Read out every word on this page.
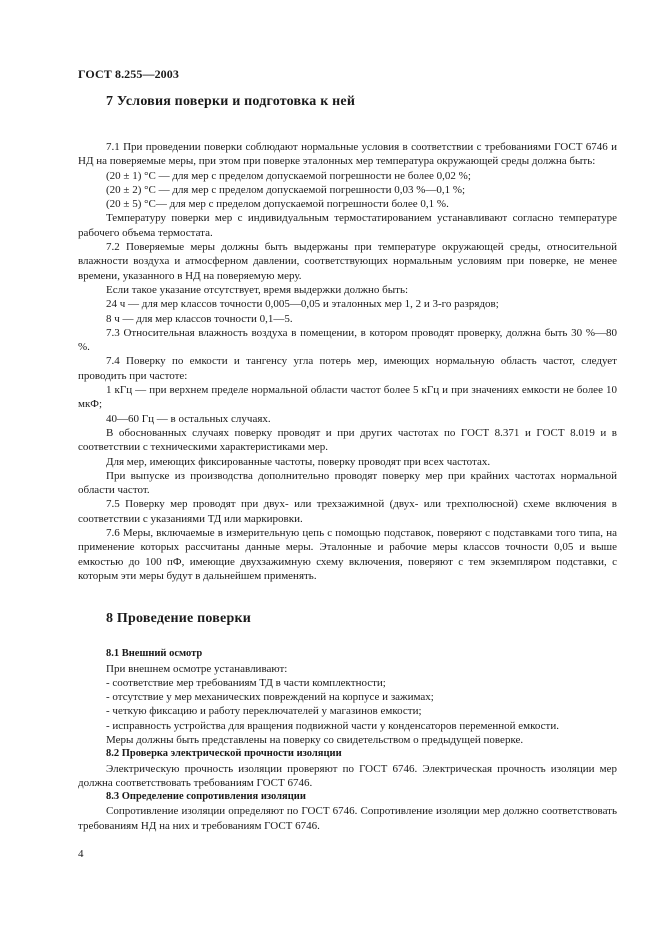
ГОСТ 8.255—2003
7 Условия поверки и подготовка к ней

7.1 При проведении поверки соблюдают нормальные условия в соответствии с требованиями ГОСТ 6746 и НД на поверяемые меры, при этом при поверке эталонных мер температура окружающей среды должна быть:

(20 ± 1) °С — для мер с пределом допускаемой погрешности не более 0,02 %;

(20 ± 2) °С — для мер с пределом допускаемой погрешности 0,03 %—0,1 %;

(20 ± 5) °С— для мер с пределом допускаемой погрешности более 0,1 %.

Температуру поверки мер с индивидуальным термостатированием устанавливают согласно температуре рабочего объема термостата.

7.2 Поверяемые меры должны быть выдержаны при температуре окружающей среды, относительной влажности воздуха и атмосферном давлении, соответствующих нормальным условиям при поверке, не менее времени, указанного в НД на поверяемую меру.

Если такое указание отсутствует, время выдержки должно быть:

24 ч — для мер классов точности 0,005—0,05 и эталонных мер 1, 2 и 3-го разрядов;

8 ч — для мер классов точности 0,1—5.

7.3 Относительная влажность воздуха в помещении, в котором проводят проверку, должна быть 30 %—80 %.

7.4 Поверку по емкости и тангенсу угла потерь мер, имеющих нормальную область частот, следует проводить при частоте:

1 кГц — при верхнем пределе нормальной области частот более 5 кГц и при значениях емкости не более 10 мкФ;

40—60 Гц — в остальных случаях.

В обоснованных случаях поверку проводят и при других частотах по ГОСТ 8.371 и ГОСТ 8.019 и в соответствии с техническими характеристиками мер.

Для мер, имеющих фиксированные частоты, поверку проводят при всех частотах.

При выпуске из производства дополнительно проводят поверку мер при крайних частотах нормальной области частот.

7.5 Поверку мер проводят при двух- или трехзажимной (двух- или трехполюсной) схеме включения в соответствии с указаниями ТД или маркировки.

7.6 Меры, включаемые в измерительную цепь с помощью подставок, поверяют с подставками того типа, на применение которых рассчитаны данные меры. Эталонные и рабочие меры классов точности 0,05 и выше емкостью до 100 пФ, имеющие двухзажимную схему включения, поверяют с тем экземпляром подставки, с которым эти меры будут в дальнейшем применять.

8 Проведение поверки
8.1 Внешний осмотр

При внешнем осмотре устанавливают:

- соответствие мер требованиям ТД в части комплектности;

- отсутствие у мер механических повреждений на корпусе и зажимах;

- четкую фиксацию и работу переключателей у магазинов емкости;

- исправность устройства для вращения подвижной части у конденсаторов переменной емкости.

Меры должны быть представлены на поверку со свидетельством о предыдущей поверке.

8.2 Проверка электрической прочности изоляции

Электрическую прочность изоляции проверяют по ГОСТ 6746. Электрическая прочность изоляции мер должна соответствовать требованиям ГОСТ 6746.

8.3 Определение сопротивления изоляции

Сопротивление изоляции определяют по ГОСТ 6746. Сопротивление изоляции мер должно соответствовать требованиям НД на них и требованиям ГОСТ 6746.

4
